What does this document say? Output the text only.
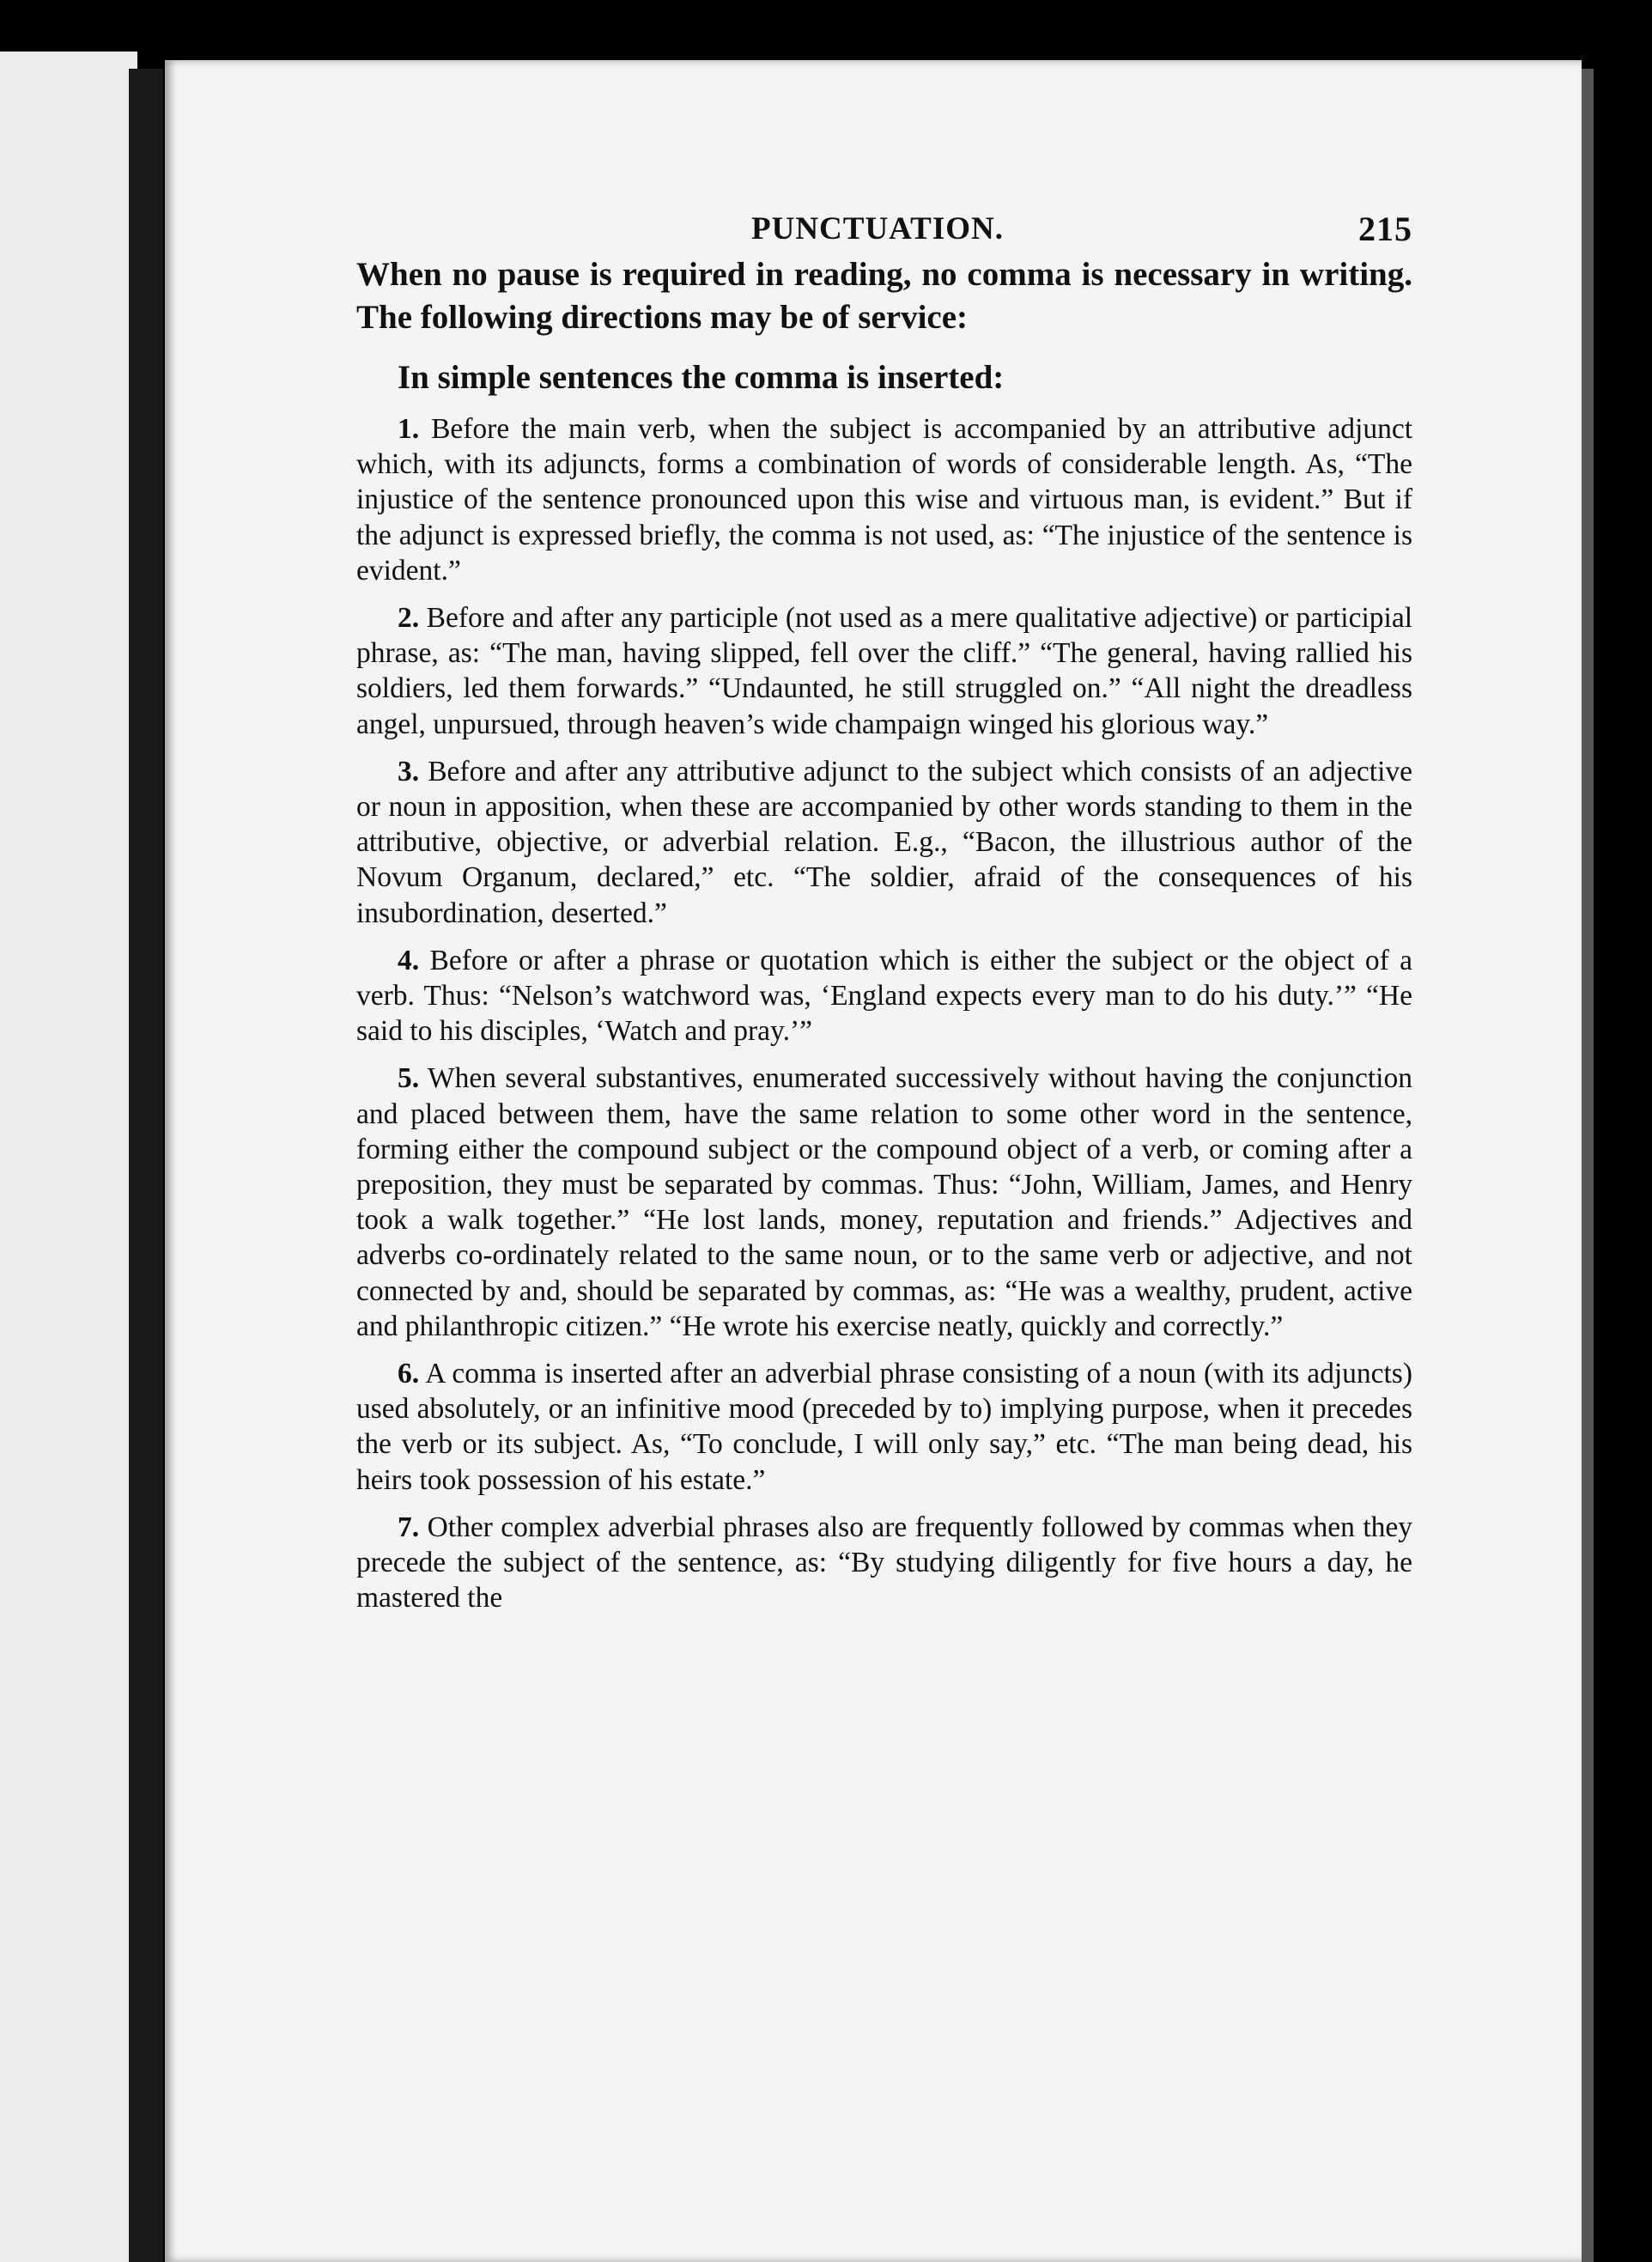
PUNCTUATION.	215

When no pause is required in reading, no comma is necessary in writing. The following directions may be of service:

In simple sentences the comma is inserted:

1. Before the main verb, when the subject is accompanied by an attributive adjunct which, with its adjuncts, forms a combination of words of considerable length. As, “The injustice of the sentence pronounced upon this wise and virtuous man, is evident.” But if the adjunct is expressed briefly, the comma is not used, as: “The injustice of the sentence is evident.”

2. Before and after any participle (not used as a mere qualitative adjective) or participial phrase, as: “The man, having slipped, fell over the cliff.” “The general, having rallied his soldiers, led them forwards.” “Undaunted, he still struggled on.” “All night the dreadless angel, unpursued, through heaven’s wide champaign winged his glorious way.”

3. Before and after any attributive adjunct to the subject which consists of an adjective or noun in apposition, when these are accompanied by other words standing to them in the attributive, objective, or adverbial relation. E.g., “Bacon, the illustrious author of the Novum Organum, declared,” etc. “The soldier, afraid of the consequences of his insubordination, deserted.”

4. Before or after a phrase or quotation which is either the subject or the object of a verb. Thus: “Nelson’s watchword was, ‘England expects every man to do his duty.’” “He said to his disciples, ‘Watch and pray.’”

5. When several substantives, enumerated successively without having the conjunction and placed between them, have the same relation to some other word in the sentence, forming either the compound subject or the compound object of a verb, or coming after a preposition, they must be separated by commas. Thus: “John, William, James, and Henry took a walk together.” “He lost lands, money, reputation and friends.” Adjectives and adverbs co-ordinately related to the same noun, or to the same verb or adjective, and not connected by and, should be separated by commas, as: “He was a wealthy, prudent, active and philanthropic citizen.” “He wrote his exercise neatly, quickly and correctly.”

6. A comma is inserted after an adverbial phrase consisting of a noun (with its adjuncts) used absolutely, or an infinitive mood (preceded by to) implying purpose, when it precedes the verb or its subject. As, “To conclude, I will only say,” etc. “The man being dead, his heirs took possession of his estate.”

7. Other complex adverbial phrases also are frequently followed by commas when they precede the subject of the sentence, as: “By studying diligently for five hours a day, he mastered the
